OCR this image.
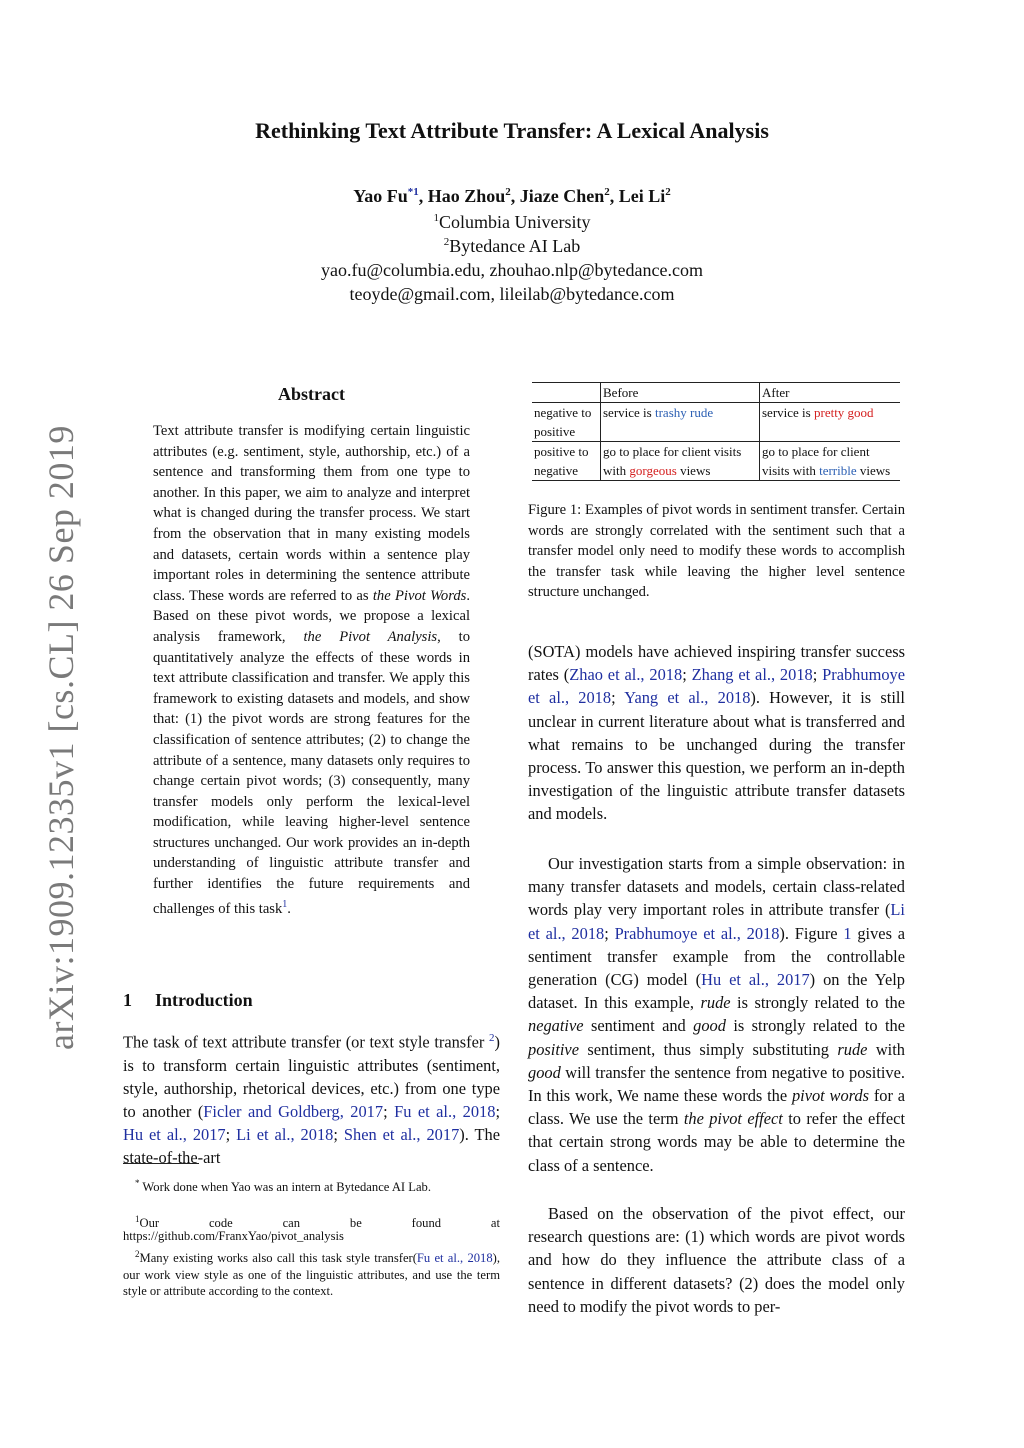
arXiv:1909.12335v1 [cs.CL] 26 Sep 2019
Rethinking Text Attribute Transfer: A Lexical Analysis
Yao Fu$^{*1}$, Hao Zhou$^2$, Jiaze Chen$^2$, Lei Li$^2$
$^1$Columbia University
$^2$Bytedance AI Lab
yao.fu@columbia.edu, zhouhao.nlp@bytedance.com
teoyde@gmail.com, lileilab@bytedance.com
Abstract
Text attribute transfer is modifying certain linguistic attributes (e.g. sentiment, style, authorship, etc.) of a sentence and transforming them from one type to another. In this paper, we aim to analyze and interpret what is changed during the transfer process. We start from the observation that in many existing models and datasets, certain words within a sentence play important roles in determining the sentence attribute class. These words are referred to as the Pivot Words. Based on these pivot words, we propose a lexical analysis framework, the Pivot Analysis, to quantitatively analyze the effects of these words in text attribute classification and transfer. We apply this framework to existing datasets and models, and show that: (1) the pivot words are strong features for the classification of sentence attributes; (2) to change the attribute of a sentence, many datasets only requires to change certain pivot words; (3) consequently, many transfer models only perform the lexical-level modification, while leaving higher-level sentence structures unchanged. Our work provides an in-depth understanding of linguistic attribute transfer and further identifies the future requirements and challenges of this task$^1$.
1 Introduction
The task of text attribute transfer (or text style transfer $^2$) is to transform certain linguistic attributes (sentiment, style, authorship, rhetorical devices, etc.) from one type to another (Ficler and Goldberg, 2017; Fu et al., 2018; Hu et al., 2017; Li et al., 2018; Shen et al., 2017). The state-of-the-art
* Work done when Yao was an intern at Bytedance AI Lab.
$^1$Our code can be found at
https://github.com/FranxYao/pivot_analysis
$^2$Many existing works also call this task style transfer(Fu et al., 2018), our work view style as one of the linguistic attributes, and use the term style or attribute according to the context.
	Before	After
negative to positive	service is trashy rude	service is pretty good
positive to negative	go to place for client visits with gorgeous views	go to place for client visits with terrible views
Figure 1: Examples of pivot words in sentiment transfer. Certain words are strongly correlated with the sentiment such that a transfer model only need to modify these words to accomplish the transfer task while leaving the higher level sentence structure unchanged.

(SOTA) models have achieved inspiring transfer success rates (Zhao et al., 2018; Zhang et al., 2018; Prabhumoye et al., 2018; Yang et al., 2018). However, it is still unclear in current literature about what is transferred and what remains to be unchanged during the transfer process. To answer this question, we perform an in-depth investigation of the linguistic attribute transfer datasets and models.

Our investigation starts from a simple observation: in many transfer datasets and models, certain class-related words play very important roles in attribute transfer (Li et al., 2018; Prabhumoye et al., 2018). Figure 1 gives a sentiment transfer example from the controllable generation (CG) model (Hu et al., 2017) on the Yelp dataset. In this example, rude is strongly related to the negative sentiment and good is strongly related to the positive sentiment, thus simply substituting rude with good will transfer the sentence from negative to positive. In this work, We name these words the pivot words for a class. We use the term the pivot effect to refer the effect that certain strong words may be able to determine the class of a sentence.

Based on the observation of the pivot effect, our research questions are: (1) which words are pivot words and how do they influence the attribute class of a sentence in different datasets? (2) does the model only need to modify the pivot words to per-
